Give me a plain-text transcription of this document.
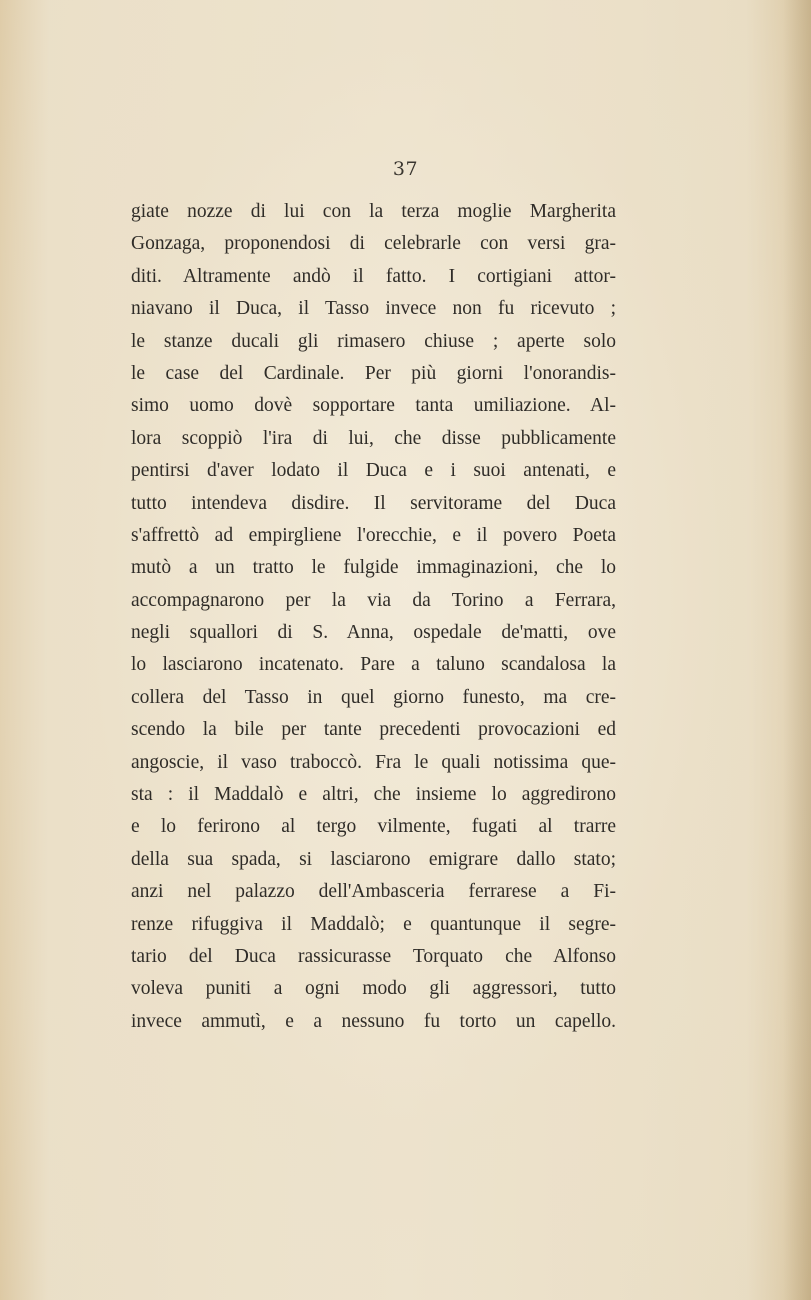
37
giate nozze di lui con la terza moglie Margherita
Gonzaga, proponendosi di celebrarle con versi gra-
diti. Altramente andò il fatto. I cortigiani attor-
niavano il Duca, il Tasso invece non fu ricevuto ;
le stanze ducali gli rimasero chiuse ; aperte solo
le case del Cardinale. Per più giorni l'onorandis-
simo uomo dovè sopportare tanta umiliazione. Al-
lora scoppiò l'ira di lui, che disse pubblicamente
pentirsi d'aver lodato il Duca e i suoi antenati, e
tutto intendeva disdire. Il servitorame del Duca
s'affrettò ad empirgliene l'orecchie, e il povero Poeta
mutò a un tratto le fulgide immaginazioni, che lo
accompagnarono per la via da Torino a Ferrara,
negli squallori di S. Anna, ospedale de'matti, ove
lo lasciarono incatenato. Pare a taluno scandalosa la
collera del Tasso in quel giorno funesto, ma cre-
scendo la bile per tante precedenti provocazioni ed
angoscie, il vaso traboccò. Fra le quali notissima que-
sta : il Maddalò e altri, che insieme lo aggredirono
e lo ferirono al tergo vilmente, fugati al trarre
della sua spada, si lasciarono emigrare dallo stato;
anzi nel palazzo dell'Ambasceria ferrarese a Fi-
renze rifuggiva il Maddalò; e quantunque il segre-
tario del Duca rassicurasse Torquato che Alfonso
voleva puniti a ogni modo gli aggressori, tutto
invece ammutì, e a nessuno fu torto un capello.
